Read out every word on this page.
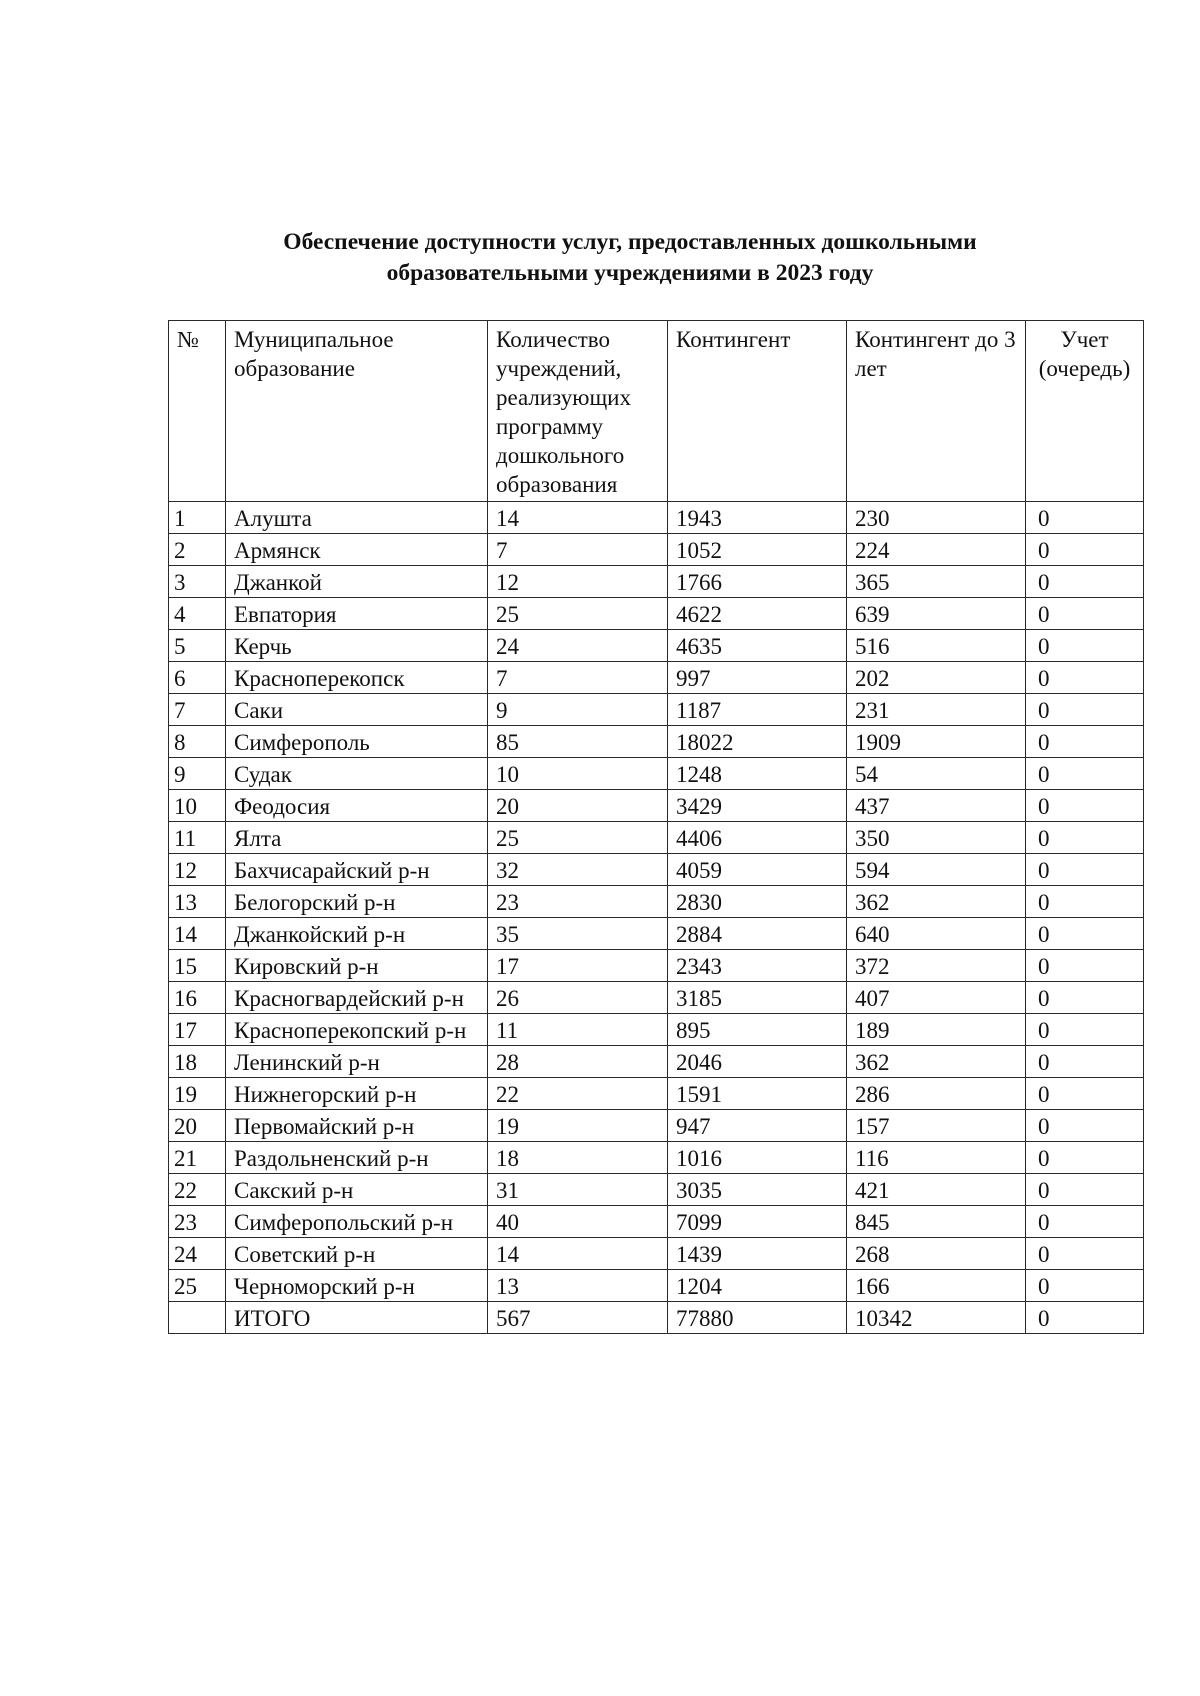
Обеспечение доступности услуг, предоставленных дошкольными
образовательными учреждениями в 2023 году
№	Муниципальное образование	Количество учреждений, реализующих программу дошкольного образования	Контингент	Контингент до 3 лет	Учет (очередь)
1	Алушта	14	1943	230	0
2	Армянск	7	1052	224	0
3	Джанкой	12	1766	365	0
4	Евпатория	25	4622	639	0
5	Керчь	24	4635	516	0
6	Красноперекопск	7	997	202	0
7	Саки	9	1187	231	0
8	Симферополь	85	18022	1909	0
9	Судак	10	1248	54	0
10	Феодосия	20	3429	437	0
11	Ялта	25	4406	350	0
12	Бахчисарайский р-н	32	4059	594	0
13	Белогорский р-н	23	2830	362	0
14	Джанкойский р-н	35	2884	640	0
15	Кировский р-н	17	2343	372	0
16	Красногвардейский р-н	26	3185	407	0
17	Красноперекопский р-н	11	895	189	0
18	Ленинский р-н	28	2046	362	0
19	Нижнегорский р-н	22	1591	286	0
20	Первомайский р-н	19	947	157	0
21	Раздольненский р-н	18	1016	116	0
22	Сакский р-н	31	3035	421	0
23	Симферопольский р-н	40	7099	845	0
24	Советский р-н	14	1439	268	0
25	Черноморский р-н	13	1204	166	0
	ИТОГО	567	77880	10342	0
